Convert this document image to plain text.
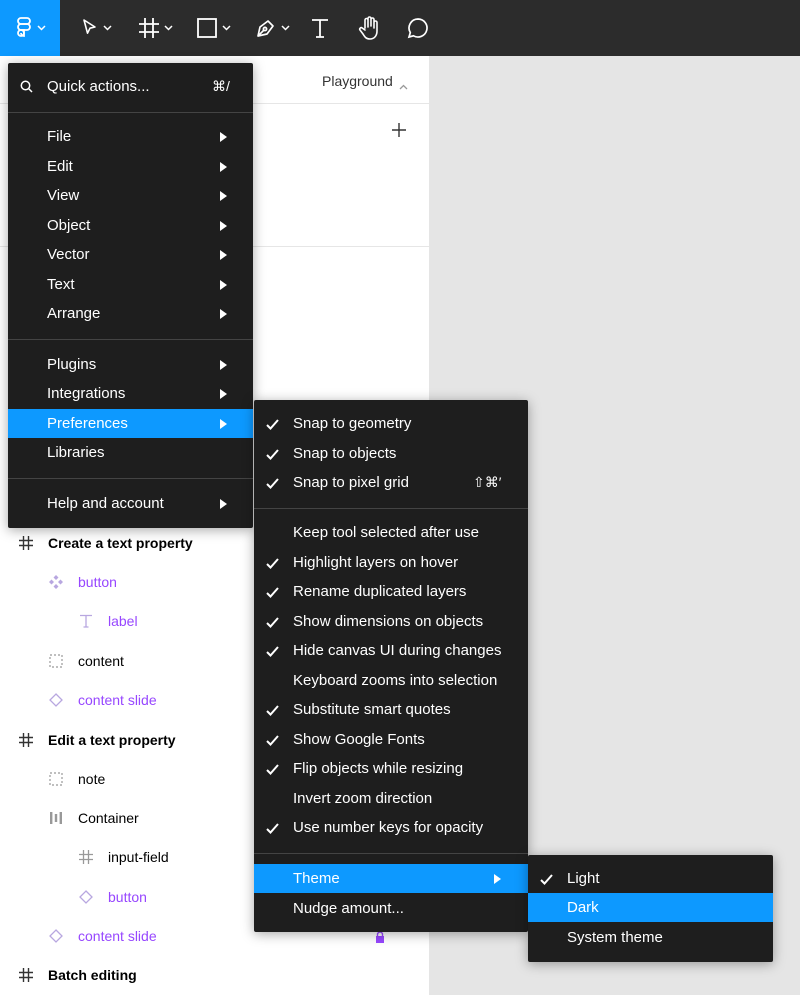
Playground
Create a text property
button
label
content
content slide
Edit a text property
note
Container
input-field
button
content slide
Batch editing
Quick actions...	⌘/
File
Edit
View
Object
Vector
Text
Arrange
Plugins
Integrations
Preferences
Libraries
Help and account
Snap to geometry
Snap to objects
Snap to pixel grid	⇧⌘′
Keep tool selected after use
Highlight layers on hover
Rename duplicated layers
Show dimensions on objects
Hide canvas UI during changes
Keyboard zooms into selection
Substitute smart quotes
Show Google Fonts
Flip objects while resizing
Invert zoom direction
Use number keys for opacity
Theme
Nudge amount...
Light
Dark
System theme
